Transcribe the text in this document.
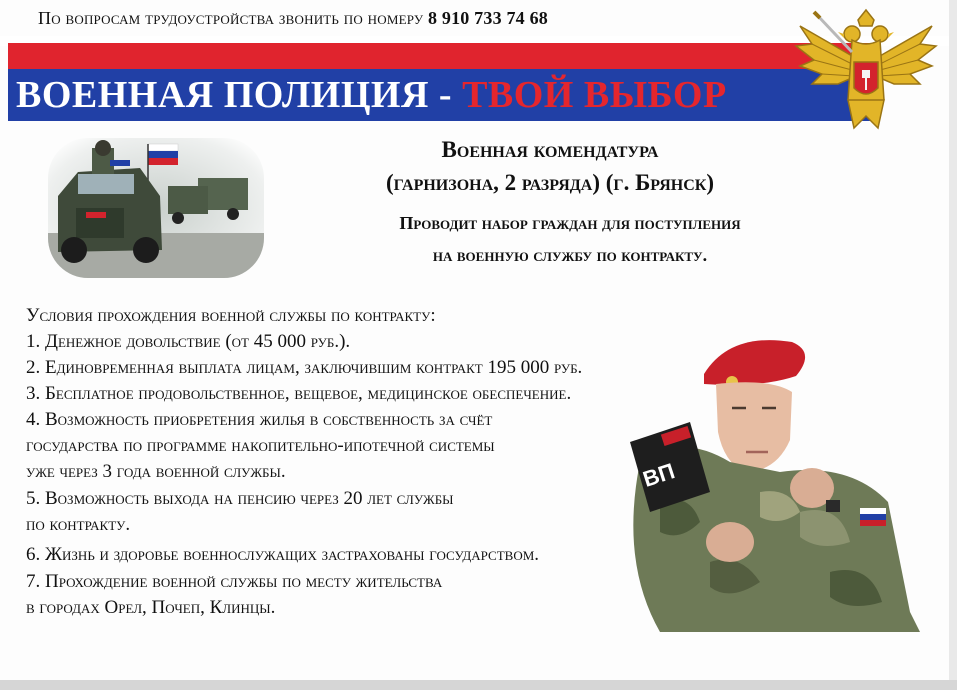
По вопросам трудоустройства звонить по номеру 8 910 733 74 68
ВОЕННАЯ ПОЛИЦИЯ - ТВОЙ ВЫБОР
Военная комендатура
(гарнизона, 2 разряда) (г. Брянск)
Проводит набор граждан для поступления
на военную службу по контракту.
Условия прохождения военной службы по контракту:
1. Денежное довольствие (от 45 000 руб.).
2. Единовременная выплата лицам, заключившим контракт 195 000 руб.
3. Бесплатное продовольственное, вещевое, медицинское обеспечение.
4. Возможность приобретения жилья в собственность за счёт
государства по программе накопительно-ипотечной системы
уже через 3 года военной службы.
5. Возможность выхода на пенсию через 20 лет службы
по контракту.
6. Жизнь и здоровье военнослужащих застрахованы государством.
7. Прохождение военной службы по месту жительства
в городах Орел, Почеп, Клинцы.
ВП
